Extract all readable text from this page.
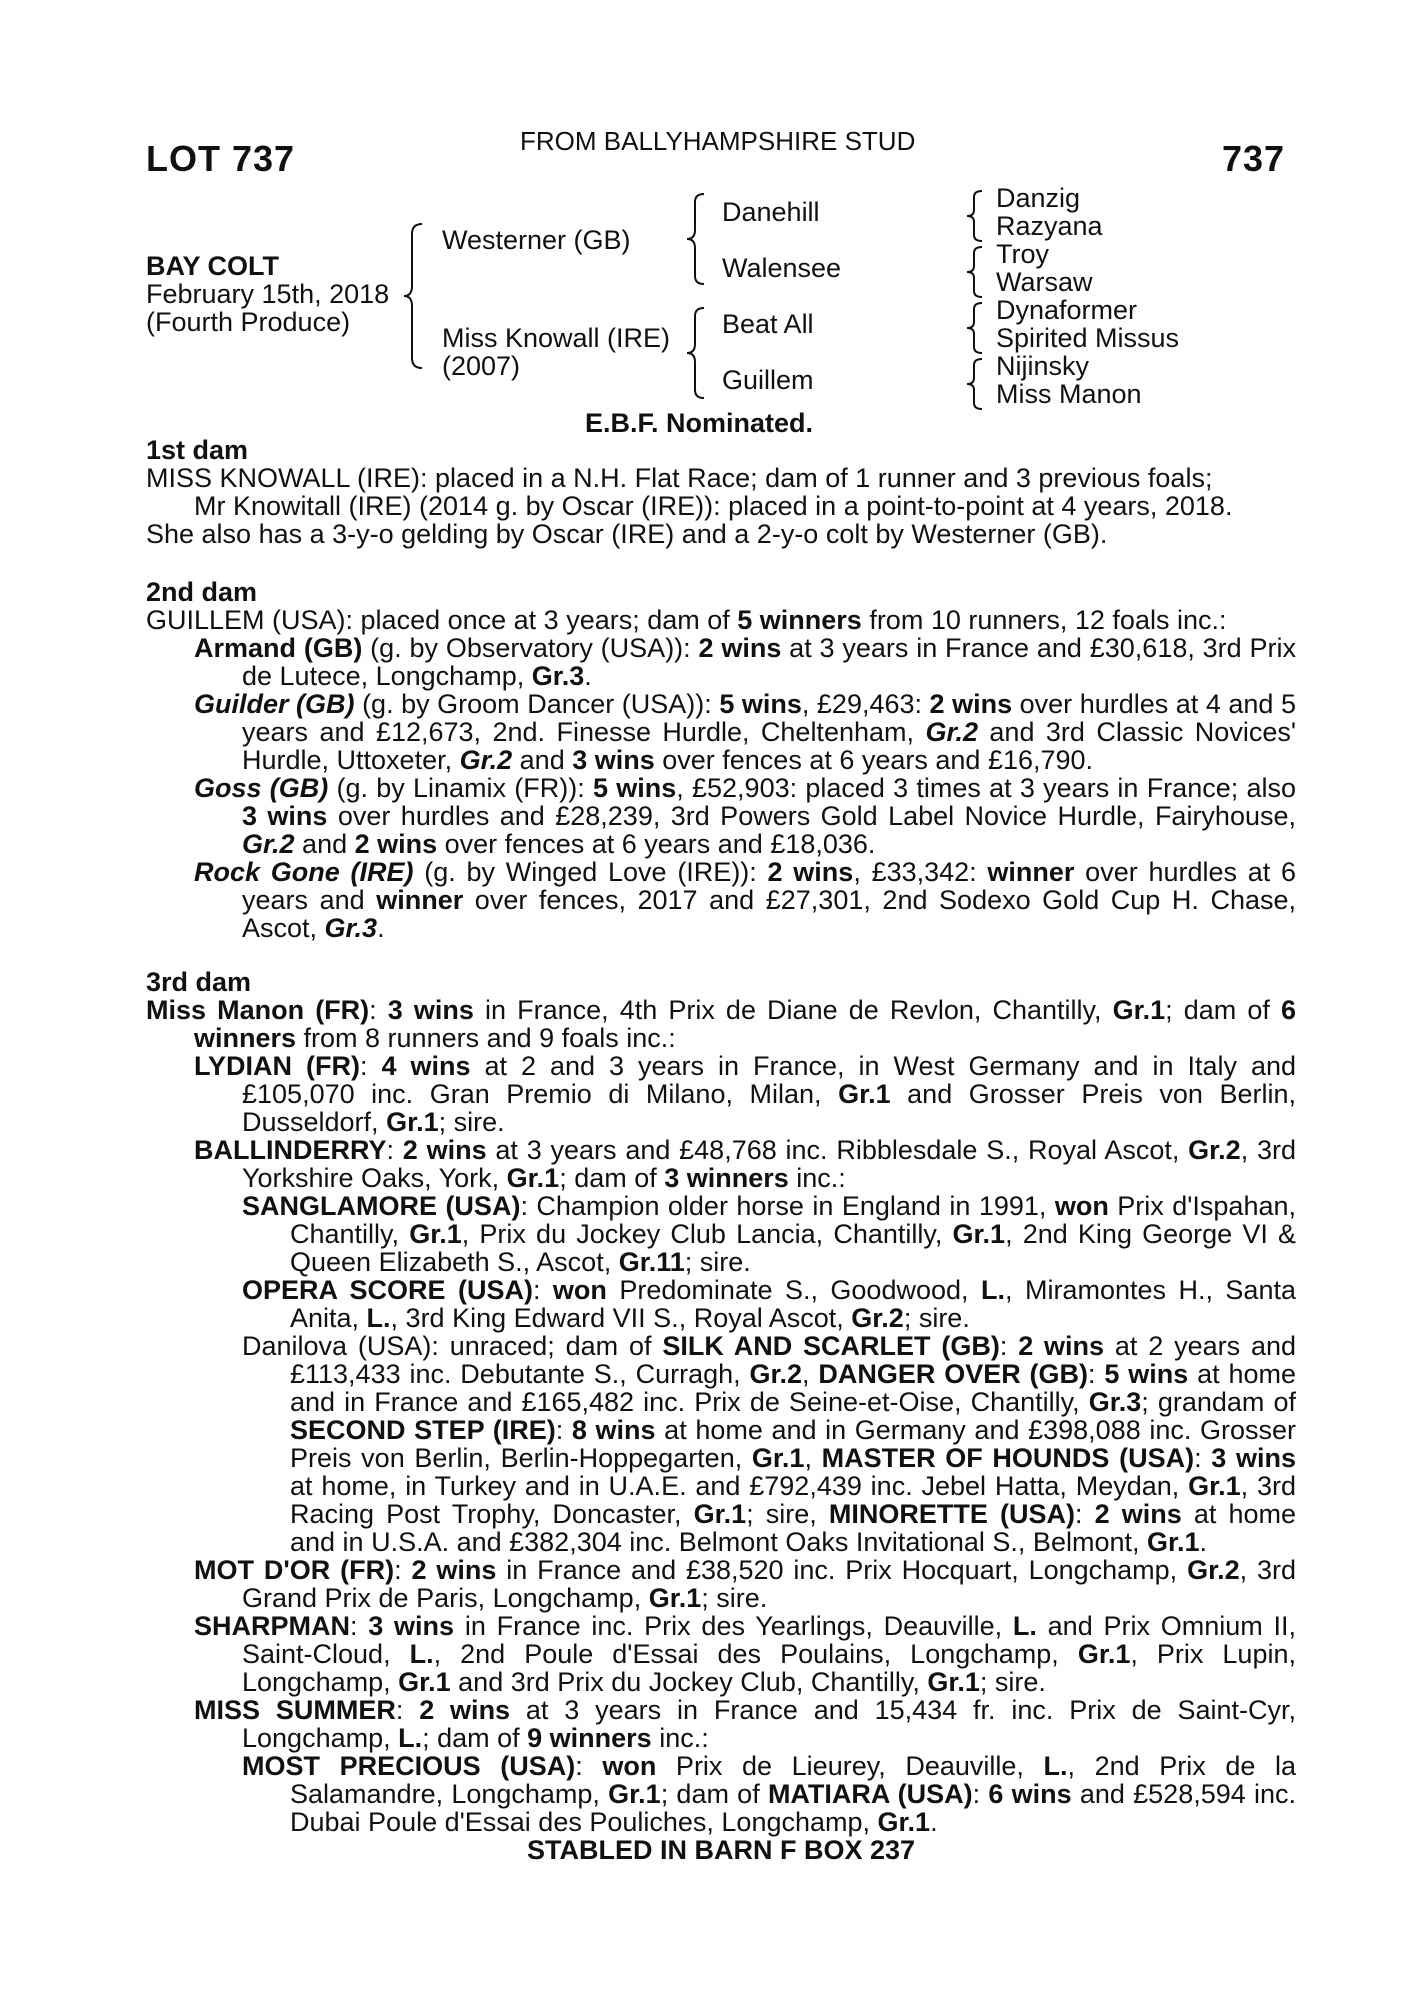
LOT 737	FROM BALLYHAMPSHIRE STUD	737
BAY COLT
February 15th, 2018
(Fourth Produce)
Westerner (GB)
Miss Knowall (IRE)
(2007)
Danehill
Walensee
Beat All
Guillem
Danzig
Razyana
Troy
Warsaw
Dynaformer
Spirited Missus
Nijinsky
Miss Manon
E.B.F. Nominated.
1st dam
MISS KNOWALL (IRE): placed in a N.H. Flat Race; dam of 1 runner and 3 previous foals;
Mr Knowitall (IRE) (2014 g. by Oscar (IRE)): placed in a point-to-point at 4 years, 2018.
She also has a 3-y-o gelding by Oscar (IRE) and a 2-y-o colt by Westerner (GB).
2nd dam

GUILLEM (USA): placed once at 3 years; dam of 5 winners from 10 runners, 12 foals inc.:

Armand (GB) (g. by Observatory (USA)): 2 wins at 3 years in France and £30,618, 3rd Prix de Lutece, Longchamp, Gr.3.

Guilder (GB) (g. by Groom Dancer (USA)): 5 wins, £29,463: 2 wins over hurdles at 4 and 5 years and £12,673, 2nd. Finesse Hurdle, Cheltenham, Gr.2 and 3rd Classic Novices' Hurdle, Uttoxeter, Gr.2 and 3 wins over fences at 6 years and £16,790.

Goss (GB) (g. by Linamix (FR)): 5 wins, £52,903: placed 3 times at 3 years in France; also 3 wins over hurdles and £28,239, 3rd Powers Gold Label Novice Hurdle, Fairyhouse, Gr.2 and 2 wins over fences at 6 years and £18,036.

Rock Gone (IRE) (g. by Winged Love (IRE)): 2 wins, £33,342: winner over hurdles at 6 years and winner over fences, 2017 and £27,301, 2nd Sodexo Gold Cup H. Chase, Ascot, Gr.3.

3rd dam

Miss Manon (FR): 3 wins in France, 4th Prix de Diane de Revlon, Chantilly, Gr.1; dam of 6 winners from 8 runners and 9 foals inc.:

LYDIAN (FR): 4 wins at 2 and 3 years in France, in West Germany and in Italy and £105,070 inc. Gran Premio di Milano, Milan, Gr.1 and Grosser Preis von Berlin, Dusseldorf, Gr.1; sire.

BALLINDERRY: 2 wins at 3 years and £48,768 inc. Ribblesdale S., Royal Ascot, Gr.2, 3rd Yorkshire Oaks, York, Gr.1; dam of 3 winners inc.:

SANGLAMORE (USA): Champion older horse in England in 1991, won Prix d'Ispahan, Chantilly, Gr.1, Prix du Jockey Club Lancia, Chantilly, Gr.1, 2nd King George VI & Queen Elizabeth S., Ascot, Gr.11; sire.

OPERA SCORE (USA): won Predominate S., Goodwood, L., Miramontes H., Santa Anita, L., 3rd King Edward VII S., Royal Ascot, Gr.2; sire.

Danilova (USA): unraced; dam of SILK AND SCARLET (GB): 2 wins at 2 years and £113,433 inc. Debutante S., Curragh, Gr.2, DANGER OVER (GB): 5 wins at home and in France and £165,482 inc. Prix de Seine-et-Oise, Chantilly, Gr.3; grandam of SECOND STEP (IRE): 8 wins at home and in Germany and £398,088 inc. Grosser Preis von Berlin, Berlin-Hoppegarten, Gr.1, MASTER OF HOUNDS (USA): 3 wins at home, in Turkey and in U.A.E. and £792,439 inc. Jebel Hatta, Meydan, Gr.1, 3rd Racing Post Trophy, Doncaster, Gr.1; sire, MINORETTE (USA): 2 wins at home and in U.S.A. and £382,304 inc. Belmont Oaks Invitational S., Belmont, Gr.1.

MOT D'OR (FR): 2 wins in France and £38,520 inc. Prix Hocquart, Longchamp, Gr.2, 3rd Grand Prix de Paris, Longchamp, Gr.1; sire.

SHARPMAN: 3 wins in France inc. Prix des Yearlings, Deauville, L. and Prix Omnium II, Saint-Cloud, L., 2nd Poule d'Essai des Poulains, Longchamp, Gr.1, Prix Lupin, Longchamp, Gr.1 and 3rd Prix du Jockey Club, Chantilly, Gr.1; sire.

MISS SUMMER: 2 wins at 3 years in France and 15,434 fr. inc. Prix de Saint-Cyr, Longchamp, L.; dam of 9 winners inc.:

MOST PRECIOUS (USA): won Prix de Lieurey, Deauville, L., 2nd Prix de la Salamandre, Longchamp, Gr.1; dam of MATIARA (USA): 6 wins and £528,594 inc. Dubai Poule d'Essai des Pouliches, Longchamp, Gr.1.

STABLED IN BARN F BOX 237
